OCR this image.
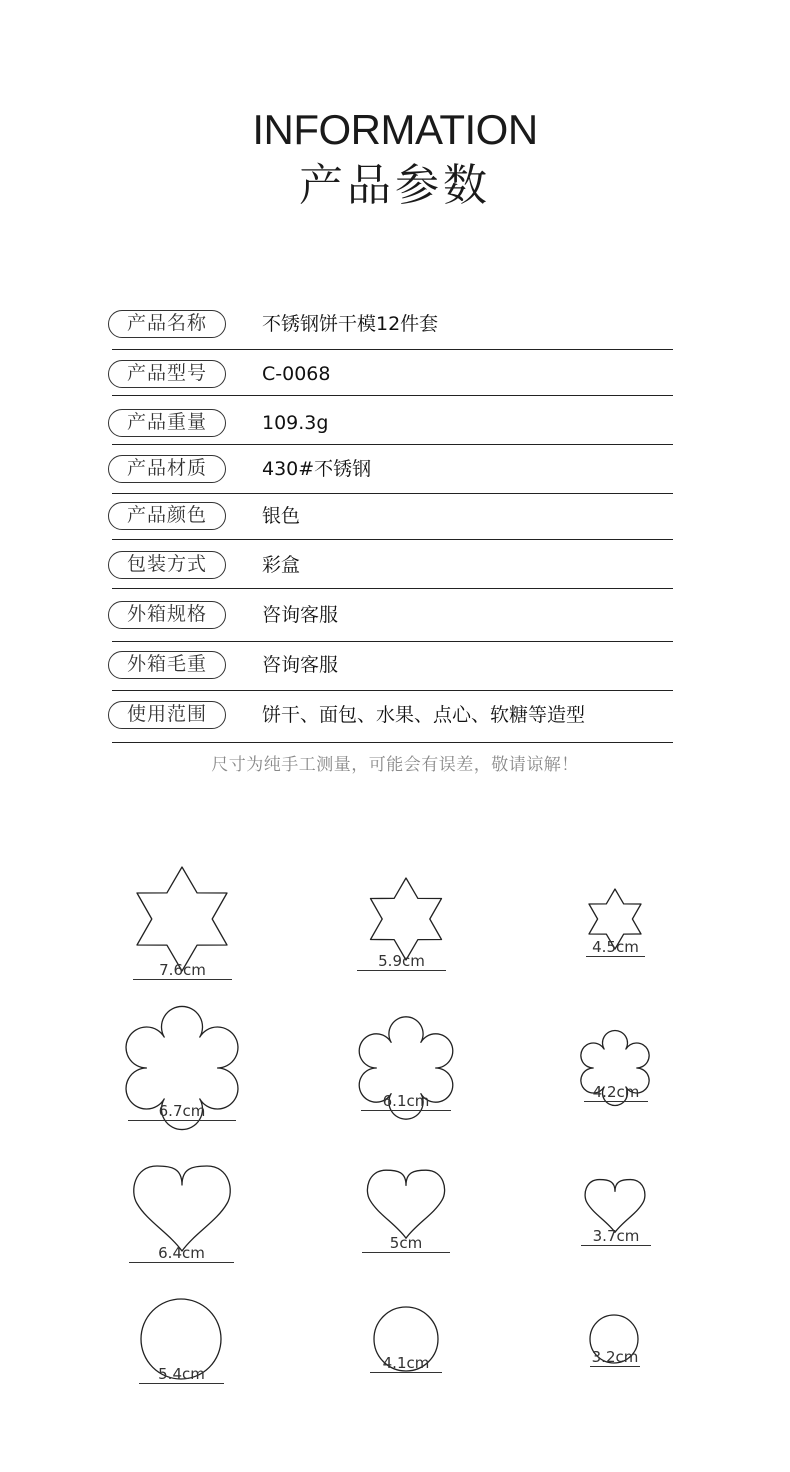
INFORMATION
产品参数
产品名称	不锈钢饼干模12件套
产品型号	C-0068
产品重量	109.3g
产品材质	430#不锈钢
产品颜色	银色
包装方式	彩盒
外箱规格	咨询客服
外箱毛重	咨询客服
使用范围	饼干、面包、水果、点心、软糖等造型
尺寸为纯手工测量，可能会有误差，敬请谅解！
7.6cm	5.9cm
4.5cm
6.7cm
6.1cm	4.2cm
6.4cm
5cm	3.7cm
5.4cm
4.1cm	3.2cm
